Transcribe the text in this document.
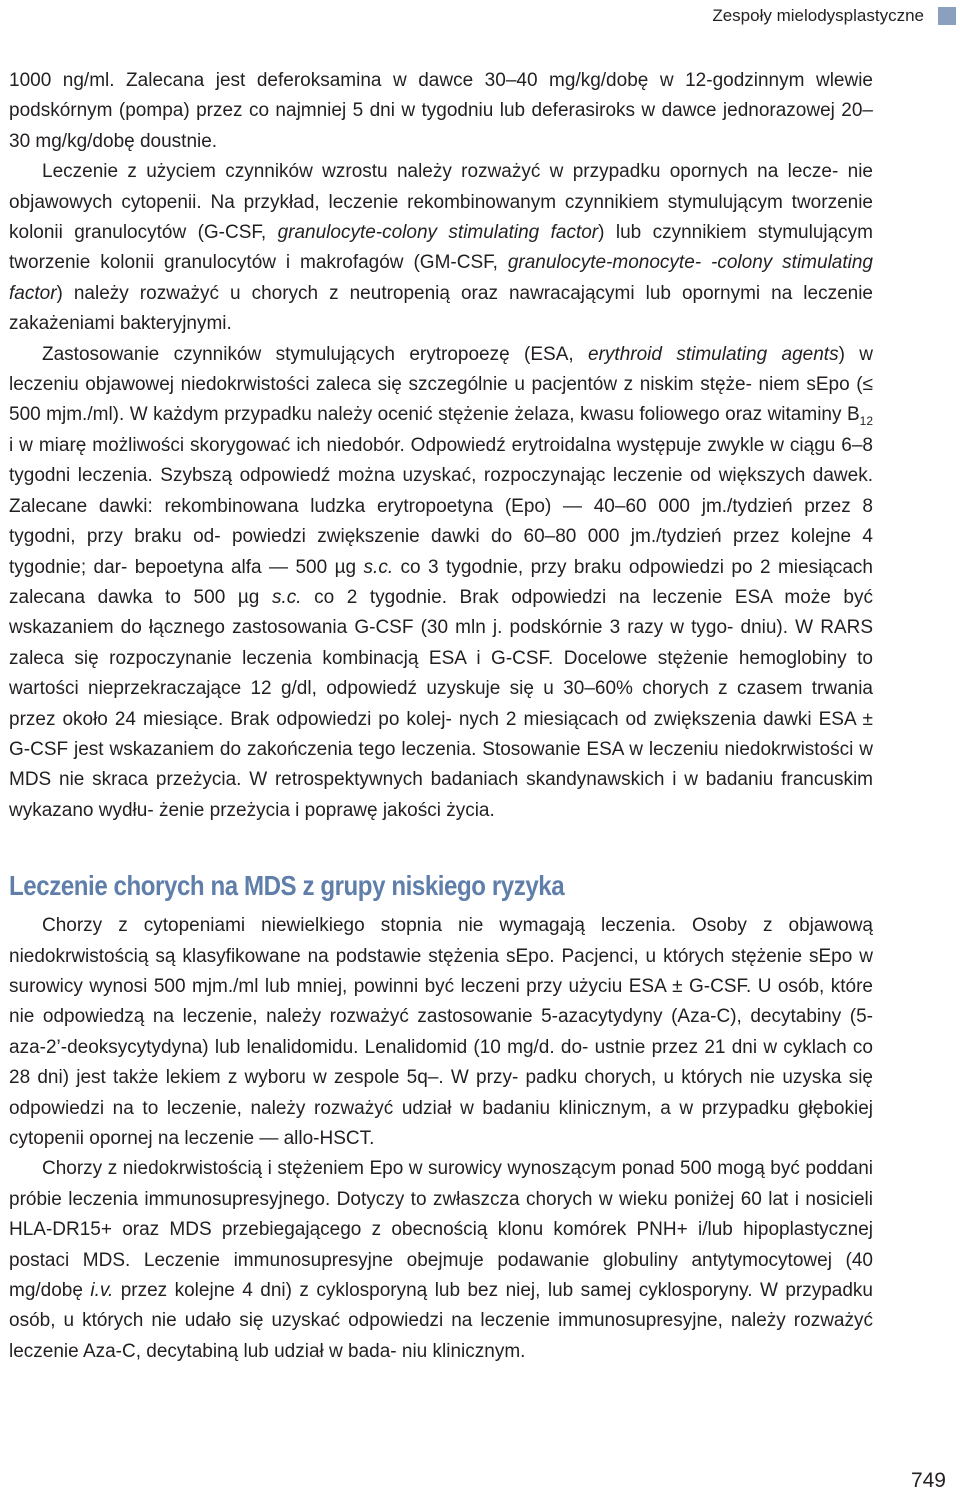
Zespoły mielodysplastyczne

1000 ng/ml. Zalecana jest deferoksamina w dawce 30–40 mg/kg/dobę w 12-godzinnym wlewie podskórnym (pompa) przez co najmniej 5 dni w tygodniu lub deferasiroks w dawce jednorazowej 20–30 mg/kg/dobę doustnie.

Leczenie z użyciem czynników wzrostu należy rozważyć w przypadku opornych na lecze- nie objawowych cytopenii. Na przykład, leczenie rekombinowanym czynnikiem stymulującym tworzenie kolonii granulocytów (G-CSF, granulocyte-colony stimulating factor) lub czynnikiem stymulującym tworzenie kolonii granulocytów i makrofagów (GM-CSF, granulocyte-monocyte- -colony stimulating factor) należy rozważyć u chorych z neutropenią oraz nawracającymi lub opornymi na leczenie zakażeniami bakteryjnymi.

Zastosowanie czynników stymulujących erytropoezę (ESA, erythroid stimulating agents) w leczeniu objawowej niedokrwistości zaleca się szczególnie u pacjentów z niskim stęże- niem sEpo (≤ 500 mjm./ml). W każdym przypadku należy ocenić stężenie żelaza, kwasu foliowego oraz witaminy $B_{12}$ i w miarę możliwości skorygować ich niedobór. Odpowiedź erytroidalna występuje zwykle w ciągu 6–8 tygodni leczenia. Szybszą odpowiedź można uzyskać, rozpoczynając leczenie od większych dawek. Zalecane dawki: rekombinowana ludzka erytropoetyna (Epo) — 40–60 000 jm./tydzień przez 8 tygodni, przy braku od- powiedzi zwiększenie dawki do 60–80 000 jm./tydzień przez kolejne 4 tygodnie; dar- bepoetyna alfa — 500 µg s.c. co 3 tygodnie, przy braku odpowiedzi po 2 miesiącach zalecana dawka to 500 µg s.c. co 2 tygodnie. Brak odpowiedzi na leczenie ESA może być wskazaniem do łącznego zastosowania G-CSF (30 mln j. podskórnie 3 razy w tygo- dniu). W RARS zaleca się rozpoczynanie leczenia kombinacją ESA i G-CSF. Docelowe stężenie hemoglobiny to wartości nieprzekraczające 12 g/dl, odpowiedź uzyskuje się u 30–60% chorych z czasem trwania przez około 24 miesiące. Brak odpowiedzi po kolej- nych 2 miesiącach od zwiększenia dawki ESA ± G-CSF jest wskazaniem do zakończenia tego leczenia. Stosowanie ESA w leczeniu niedokrwistości w MDS nie skraca przeżycia. W retrospektywnych badaniach skandynawskich i w badaniu francuskim wykazano wydłu- żenie przeżycia i poprawę jakości życia.

Leczenie chorych na MDS z grupy niskiego ryzyka

Chorzy z cytopeniami niewielkiego stopnia nie wymagają leczenia. Osoby z objawową niedokrwistością są klasyfikowane na podstawie stężenia sEpo. Pacjenci, u których stężenie sEpo w surowicy wynosi 500 mjm./ml lub mniej, powinni być leczeni przy użyciu ESA ± G-CSF. U osób, które nie odpowiedzą na leczenie, należy rozważyć zastosowanie 5-azacytydyny (Aza-C), decytabiny (5-aza-2’-deoksycytydyna) lub lenalidomidu. Lenalidomid (10 mg/d. do- ustnie przez 21 dni w cyklach co 28 dni) jest także lekiem z wyboru w zespole 5q–. W przy- padku chorych, u których nie uzyska się odpowiedzi na to leczenie, należy rozważyć udział w badaniu klinicznym, a w przypadku głębokiej cytopenii opornej na leczenie — allo-HSCT.

Chorzy z niedokrwistością i stężeniem Epo w surowicy wynoszącym ponad 500 mogą być poddani próbie leczenia immunosupresyjnego. Dotyczy to zwłaszcza chorych w wieku poniżej 60 lat i nosicieli HLA-DR15+ oraz MDS przebiegającego z obecnością klonu komórek PNH+ i/lub hipoplastycznej postaci MDS. Leczenie immunosupresyjne obejmuje podawanie globuliny antytymocytowej (40 mg/dobę i.v. przez kolejne 4 dni) z cyklosporyną lub bez niej, lub samej cyklosporyny. W przypadku osób, u których nie udało się uzyskać odpowiedzi na leczenie immunosupresyjne, należy rozważyć leczenie Aza-C, decytabiną lub udział w bada- niu klinicznym.

749
